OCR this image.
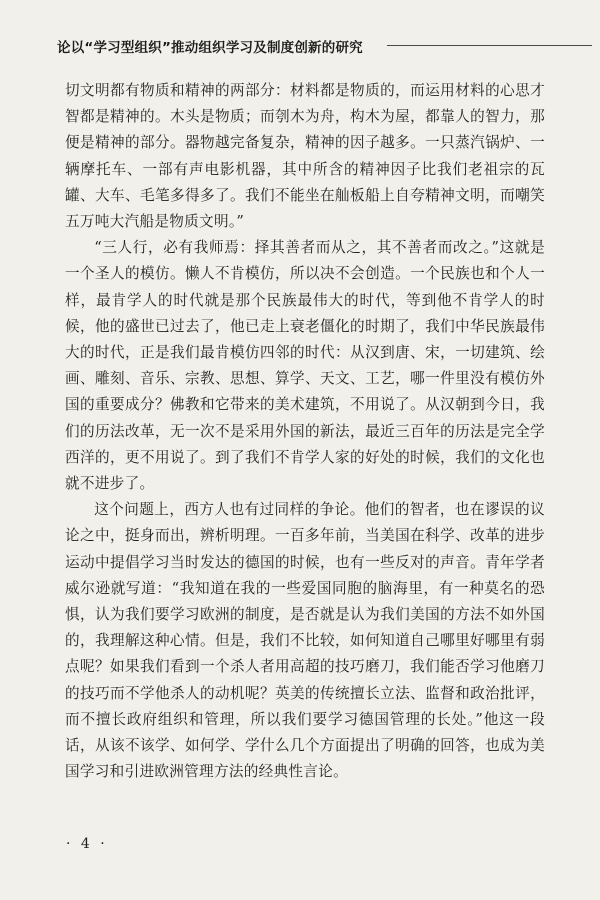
论以“学习型组织”推动组织学习及制度创新的研究

切文明都有物质和精神的两部分：材料都是物质的，而运用材料的心思才智都是精神的。木头是物质；而刳木为舟，构木为屋，都靠人的智力，那便是精神的部分。器物越完备复杂，精神的因子越多。一只蒸汽锅炉、一辆摩托车、一部有声电影机器，其中所含的精神因子比我们老祖宗的瓦罐、大车、毛笔多得多了。我们不能坐在舢板船上自夸精神文明，而嘲笑五万吨大汽船是物质文明。”

“三人行，必有我师焉：择其善者而从之，其不善者而改之。”这就是一个圣人的模仿。懒人不肯模仿，所以决不会创造。一个民族也和个人一样，最肯学人的时代就是那个民族最伟大的时代，等到他不肯学人的时候，他的盛世已过去了，他已走上衰老僵化的时期了，我们中华民族最伟大的时代，正是我们最肯模仿四邻的时代：从汉到唐、宋，一切建筑、绘画、雕刻、音乐、宗教、思想、算学、天文、工艺，哪一件里没有模仿外国的重要成分？佛教和它带来的美术建筑，不用说了。从汉朝到今日，我们的历法改革，无一次不是采用外国的新法，最近三百年的历法是完全学西洋的，更不用说了。到了我们不肯学人家的好处的时候，我们的文化也就不进步了。

这个问题上，西方人也有过同样的争论。他们的智者，也在谬误的议论之中，挺身而出，辨析明理。一百多年前，当美国在科学、改革的进步运动中提倡学习当时发达的德国的时候，也有一些反对的声音。青年学者威尔逊就写道：“我知道在我的一些爱国同胞的脑海里，有一种莫名的恐惧，认为我们要学习欧洲的制度，是否就是认为我们美国的方法不如外国的，我理解这种心情。但是，我们不比较，如何知道自己哪里好哪里有弱点呢？如果我们看到一个杀人者用高超的技巧磨刀，我们能否学习他磨刀的技巧而不学他杀人的动机呢？英美的传统擅长立法、监督和政治批评，而不擅长政府组织和管理，所以我们要学习德国管理的长处。”他这一段话，从该不该学、如何学、学什么几个方面提出了明确的回答，也成为美国学习和引进欧洲管理方法的经典性言论。

· 4 ·
